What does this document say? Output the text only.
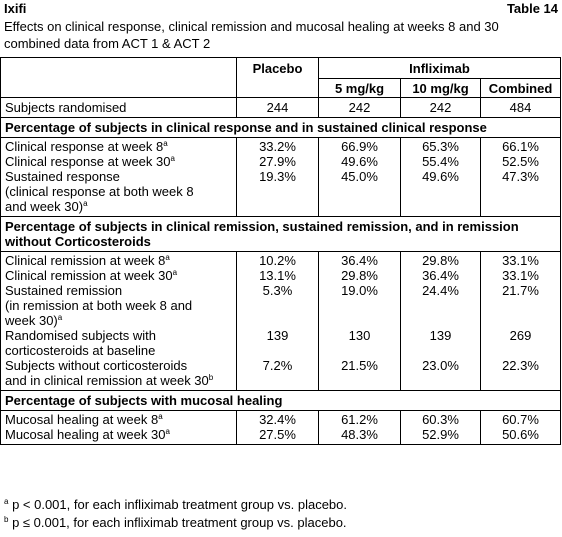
Ixifi	Table 14
Effects on clinical response, clinical remission and mucosal healing at weeks 8 and 30
combined data from ACT 1 & ACT 2
	Placebo	Infliximab		
		5 mg/kg	10 mg/kg	Combined
Subjects randomised	244	242	242	484
Percentage of subjects in clinical response and in sustained clinical response				
Clinical response at week 8$^a$	33.2%	66.9%	65.3%	66.1%
Clinical response at week 30$^a$	27.9%	49.6%	55.4%	52.5%

Sustained response
(clinical response at both week 8
and week 30)$^a$	19.3%	45.0%	49.6%	47.3%

Percentage of subjects in clinical remission, sustained remission, and in remission
without Corticosteroids				

Clinical remission at week 8$^a$	10.2%	36.4%	29.8%	33.1%
Clinical remission at week 30$^a$	13.1%	29.8%	36.4%	33.1%

Sustained remission
(in remission at both week 8 and
week 30)$^a$	5.3%	19.0%	24.4%	21.7%

Randomised subjects with
corticosteroids at baseline	139	130	139	269

Subjects without corticosteroids
and in clinical remission at week 30$^b$	7.2%	21.5%	23.0%	22.3%
Percentage of subjects with mucosal healing				
Mucosal healing at week 8$^a$	32.4%	61.2%	60.3%	60.7%
Mucosal healing at week 30$^a$	27.5%	48.3%	52.9%	50.6%
$^a$ p < 0.001, for each infliximab treatment group vs. placebo.
$^b$ p ≤ 0.001, for each infliximab treatment group vs. placebo.
